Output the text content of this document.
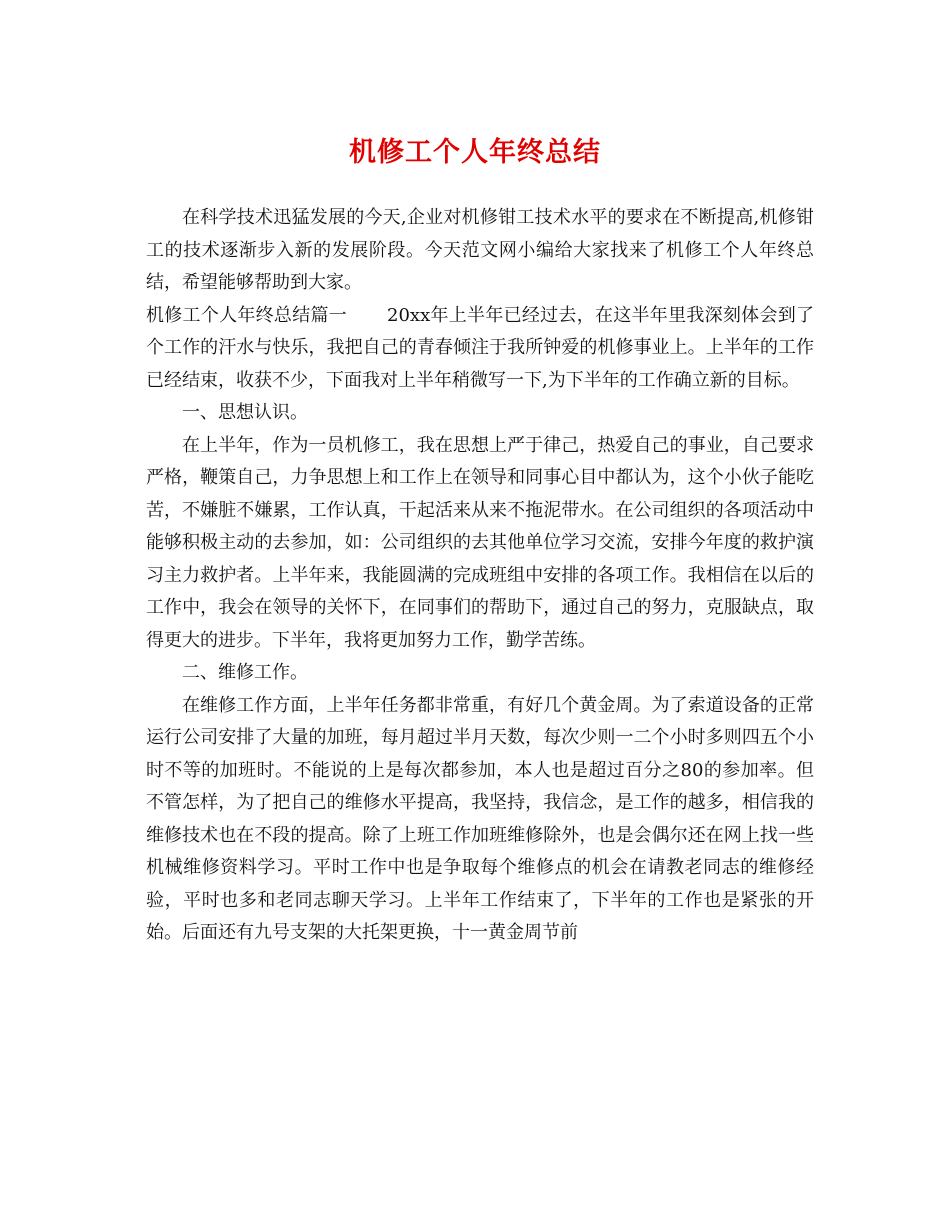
机修工个人年终总结

在科学技术迅猛发展的今天,企业对机修钳工技术水平的要求在不断提高,机修钳工的技术逐渐步入新的发展阶段。今天范文网小编给大家找来了机修工个人年终总结，希望能够帮助到大家。

机修工个人年终总结篇一 20xx年上半年已经过去，在这半年里我深刻体会到了个工作的汗水与快乐，我把自己的青春倾注于我所钟爱的机修事业上。上半年的工作已经结束，收获不少，下面我对上半年稍微写一下,为下半年的工作确立新的目标。

一、思想认识。

在上半年，作为一员机修工，我在思想上严于律己，热爱自己的事业，自己要求严格，鞭策自己，力争思想上和工作上在领导和同事心目中都认为，这个小伙子能吃苦，不嫌脏不嫌累，工作认真，干起活来从来不拖泥带水。在公司组织的各项活动中能够积极主动的去参加，如：公司组织的去其他单位学习交流，安排今年度的救护演习主力救护者。上半年来，我能圆满的完成班组中安排的各项工作。我相信在以后的工作中，我会在领导的关怀下，在同事们的帮助下，通过自己的努力，克服缺点，取得更大的进步。下半年，我将更加努力工作，勤学苦练。

二、维修工作。

在维修工作方面，上半年任务都非常重，有好几个黄金周。为了索道设备的正常运行公司安排了大量的加班，每月超过半月天数，每次少则一二个小时多则四五个小时不等的加班时。不能说的上是每次都参加，本人也是超过百分之80的参加率。但不管怎样，为了把自己的维修水平提高，我坚持，我信念，是工作的越多，相信我的维修技术也在不段的提高。除了上班工作加班维修除外，也是会偶尔还在网上找一些机械维修资料学习。平时工作中也是争取每个维修点的机会在请教老同志的维修经验，平时也多和老同志聊天学习。上半年工作结束了，下半年的工作也是紧张的开始。后面还有九号支架的大托架更换，十一黄金周节前
